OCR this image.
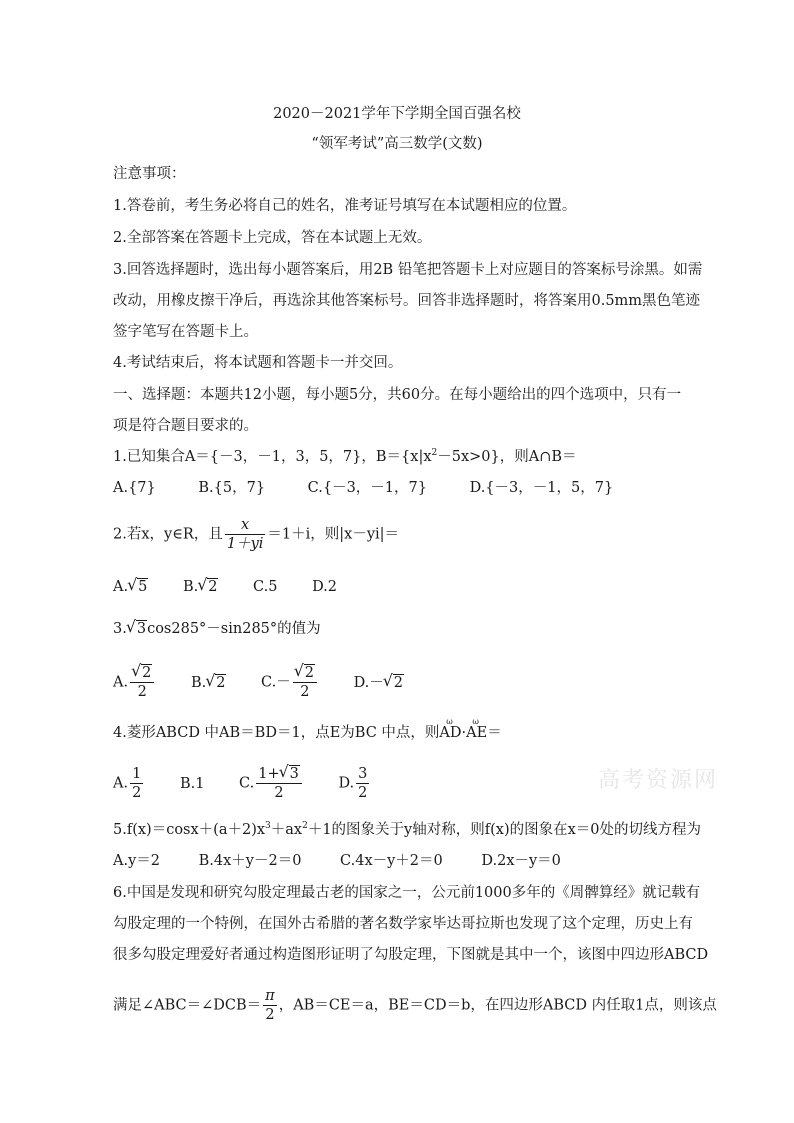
2020－2021学年下学期全国百强名校
“领军考试”高三数学(文数)
注意事项：
1.答卷前，考生务必将自己的姓名，准考证号填写在本试题相应的位置。
2.全部答案在答题卡上完成，答在本试题上无效。
3.回答选择题时，选出每小题答案后，用2B 铅笔把答题卡上对应题目的答案标号涂黑。如需
改动，用橡皮擦干净后，再选涂其他答案标号。回答非选择题时，将答案用0.5mm黑色笔迹
签字笔写在答题卡上。
4.考试结束后，将本试题和答题卡一并交回。
一、选择题：本题共12小题，每小题5分，共60分。在每小题给出的四个选项中，只有一
项是符合题目要求的。
1.已知集合A＝{－3，－1，3，5，7}，$B=\{x|x^2-5x>0\}$，则A∩B＝
A.{7}	B.{5，7}	C.{－3，－1，7}	D.{－3，－1，5，7}
2.若x，y∈R，且 $\frac{x}{1+yi} =1+i$，则|x－yi|＝
A. √ 5 B. √ 2 C.5 D.2
3. √ 3cos285°－sin285°的值为
A. √ $\frac{2}{2}$	B. √ 2 C.－ √ $\frac{2}{2}$	D.－ √ 2
4.菱形ABCD 中AB＝BD＝1，点E为BC 中点，则ω AD·ω AE＝
A. $\frac{1}{2}$	B.1 C. $\frac{1+ √ 3}{2}$	D. $\frac{3}{2}$
$5.f(x)=\cos x+(a+2)x^3+ax^2+1$的图象关于y轴对称，则f(x)的图象在x＝0处的切线方程为
A.y＝2	B.4x＋y－2＝0	C.4x－y＋2＝0	D.2x－y＝0
6.中国是发现和研究勾股定理最古老的国家之一，公元前1000多年的《周髀算经》就记载有
勾股定理的一个特例，在国外古希腊的著名数学家毕达哥拉斯也发现了这个定理，历史上有
很多勾股定理爱好者通过构造图形证明了勾股定理，下图就是其中一个，该图中四边形ABCD
满足∠ABC＝∠DCB＝ $\frac{\pi}{2}$ ，AB＝CE＝a，BE＝CD＝b，在四边形ABCD 内任取1点，则该点
高考资源网
